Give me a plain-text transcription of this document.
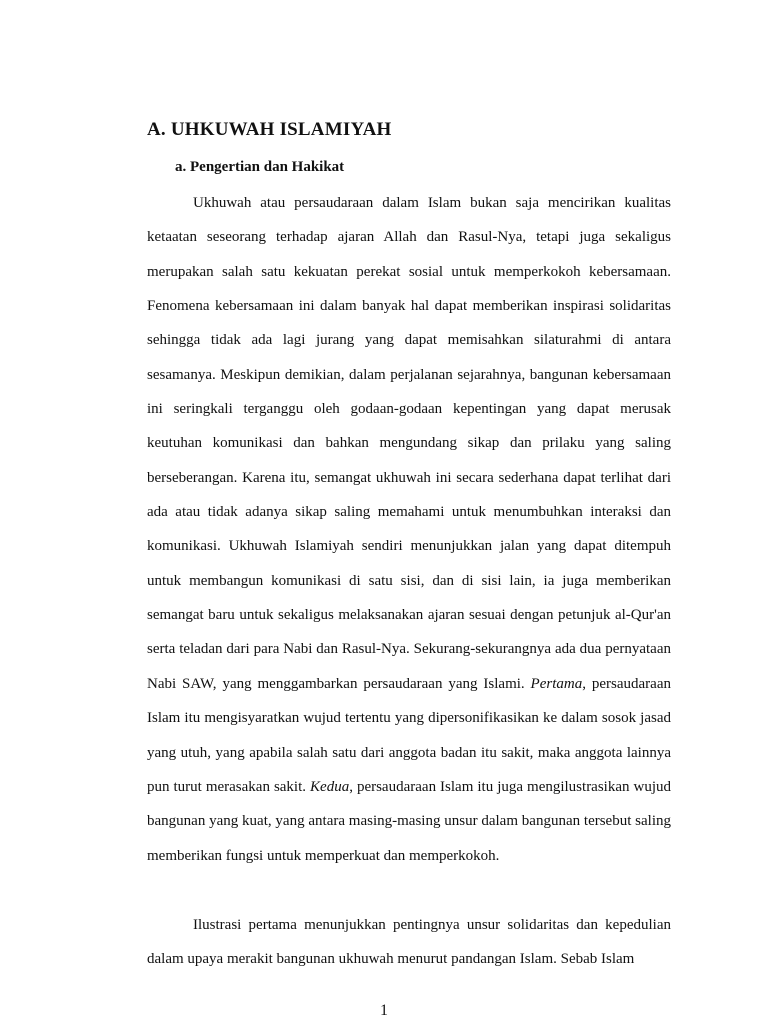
A. UHKUWAH ISLAMIYAH
a. Pengertian dan Hakikat

Ukhuwah atau persaudaraan dalam Islam bukan saja mencirikan kualitas ketaatan seseorang terhadap ajaran Allah dan Rasul-Nya, tetapi juga sekaligus merupakan salah satu kekuatan perekat sosial untuk memperkokoh kebersamaan. Fenomena kebersamaan ini dalam banyak hal dapat memberikan inspirasi solidaritas sehingga tidak ada lagi jurang yang dapat memisahkan silaturahmi di antara sesamanya. Meskipun demikian, dalam perjalanan sejarahnya, bangunan kebersamaan ini seringkali terganggu oleh godaan-godaan kepentingan yang dapat merusak keutuhan komunikasi dan bahkan mengundang sikap dan prilaku yang saling berseberangan. Karena itu, semangat ukhuwah ini secara sederhana dapat terlihat dari ada atau tidak adanya sikap saling memahami untuk menumbuhkan interaksi dan komunikasi. Ukhuwah Islamiyah sendiri menunjukkan jalan yang dapat ditempuh untuk membangun komunikasi di satu sisi, dan di sisi lain, ia juga memberikan semangat baru untuk sekaligus melaksanakan ajaran sesuai dengan petunjuk al-Qur'an serta teladan dari para Nabi dan Rasul-Nya. Sekurang-sekurangnya ada dua pernyataan Nabi SAW, yang menggambarkan persaudaraan yang Islami. Pertama, persaudaraan Islam itu mengisyaratkan wujud tertentu yang dipersonifikasikan ke dalam sosok jasad yang utuh, yang apabila salah satu dari anggota badan itu sakit, maka anggota lainnya pun turut merasakan sakit. Kedua, persaudaraan Islam itu juga mengilustrasikan wujud bangunan yang kuat, yang antara masing-masing unsur dalam bangunan tersebut saling memberikan fungsi untuk memperkuat dan memperkokoh.

Ilustrasi pertama menunjukkan pentingnya unsur solidaritas dan kepedulian dalam upaya merakit bangunan ukhuwah menurut pandangan Islam. Sebab Islam

1
